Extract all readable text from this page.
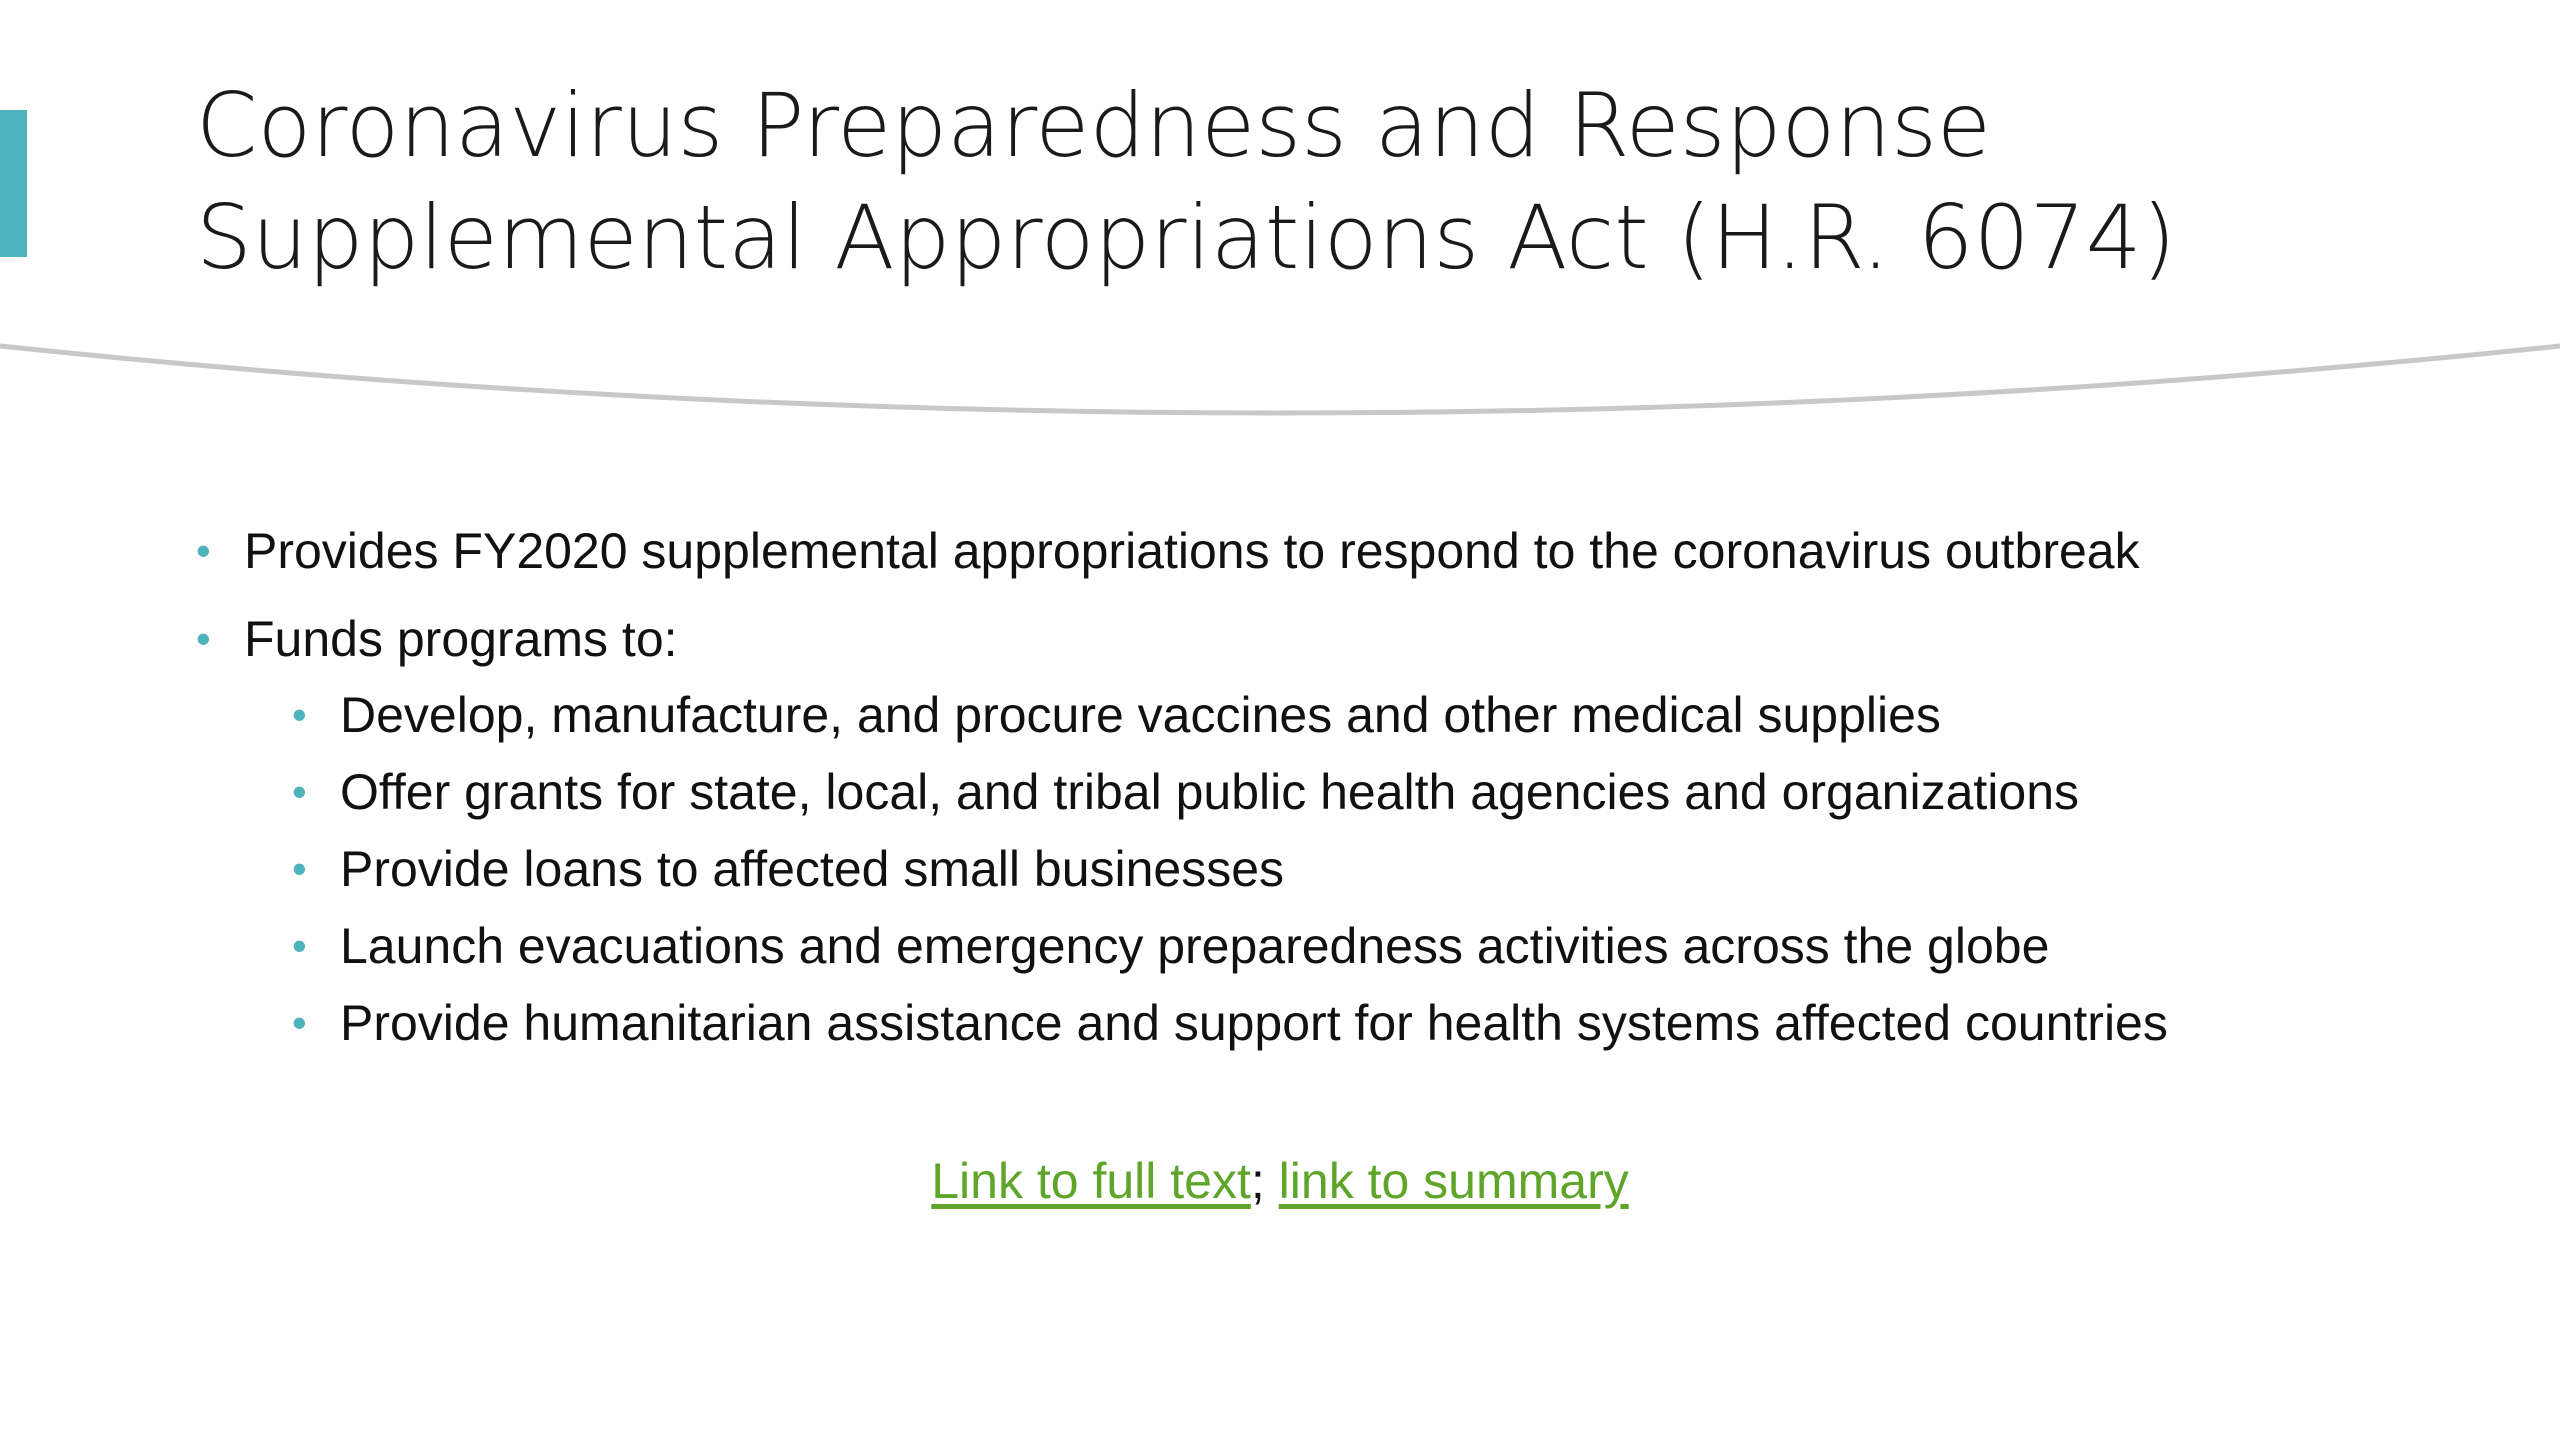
Coronavirus Preparedness and Response
Supplemental Appropriations Act (H.R. 6074)
• Provides FY2020 supplemental appropriations to respond to the coronavirus outbreak
• Funds programs to:
• Develop, manufacture, and procure vaccines and other medical supplies
• Offer grants for state, local, and tribal public health agencies and organizations
• Provide loans to affected small businesses
• Launch evacuations and emergency preparedness activities across the globe
• Provide humanitarian assistance and support for health systems affected countries
Link to full text; link to summary
